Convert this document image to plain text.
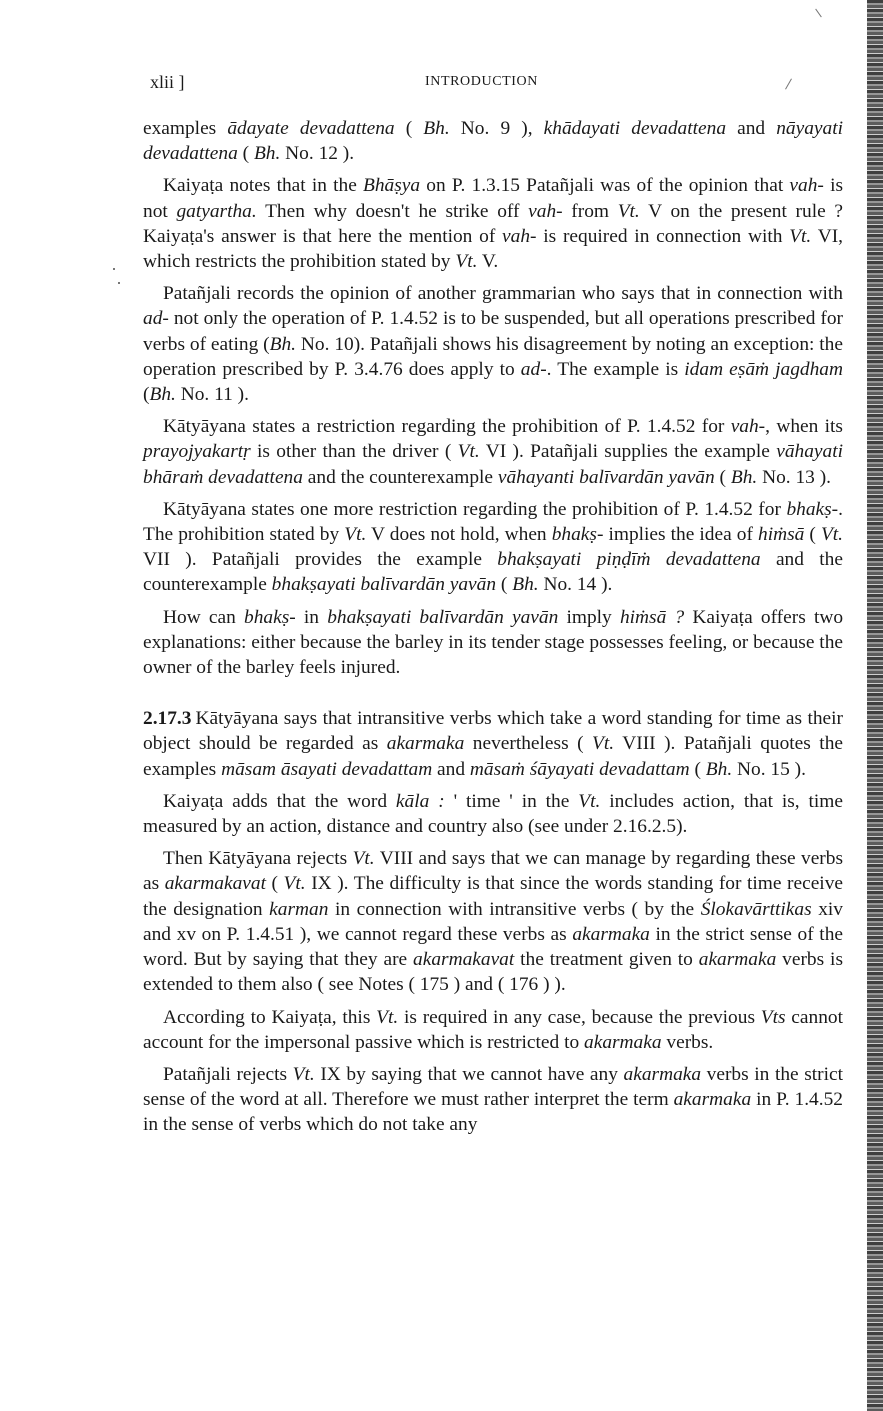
xlii ]	INTRODUCTION

examples ādayate devadattena ( Bh. No. 9 ), khādayati devadattena and nāyayati devadattena ( Bh. No. 12 ).

Kaiyaṭa notes that in the Bhāṣya on P. 1.3.15 Patañjali was of the opinion that vah- is not gatyartha. Then why doesn't he strike off vah- from Vt. V on the present rule ? Kaiyaṭa's answer is that here the mention of vah- is required in connection with Vt. VI, which restricts the prohibition stated by Vt. V.

Patañjali records the opinion of another grammarian who says that in connection with ad- not only the operation of P. 1.4.52 is to be suspended, but all operations prescribed for verbs of eating (Bh. No. 10). Patañjali shows his disagreement by noting an exception: the operation prescribed by P. 3.4.76 does apply to ad-. The example is idam eṣāṁ jagdham (Bh. No. 11 ).

Kātyāyana states a restriction regarding the prohibition of P. 1.4.52 for vah-, when its prayojyakartṛ is other than the driver ( Vt. VI ). Patañjali supplies the example vāhayati bhāraṁ devadattena and the counterexample vāhayanti balīvardān yavān ( Bh. No. 13 ).

Kātyāyana states one more restriction regarding the prohibition of P. 1.4.52 for bhakṣ-. The prohibition stated by Vt. V does not hold, when bhakṣ- implies the idea of hiṁsā ( Vt. VII ). Patañjali provides the example bhakṣayati piṇḍīṁ devadattena and the counterexample bhakṣayati balīvardān yavān ( Bh. No. 14 ).

How can bhakṣ- in bhakṣayati balīvardān yavān imply hiṁsā ? Kaiyaṭa offers two explanations: either because the barley in its tender stage possesses feeling, or because the owner of the barley feels injured.

2.17.3 Kātyāyana says that intransitive verbs which take a word standing for time as their object should be regarded as akarmaka nevertheless ( Vt. VIII ). Patañjali quotes the examples māsam āsayati devadattam and māsaṁ śāyayati devadattam ( Bh. No. 15 ).

Kaiyaṭa adds that the word kāla : ' time ' in the Vt. includes action, that is, time measured by an action, distance and country also (see under 2.16.2.5).

Then Kātyāyana rejects Vt. VIII and says that we can manage by regarding these verbs as akarmakavat ( Vt. IX ). The difficulty is that since the words standing for time receive the designation karman in connection with intransitive verbs ( by the Ślokavārttikas xiv and xv on P. 1.4.51 ), we cannot regard these verbs as akarmaka in the strict sense of the word. But by saying that they are akarmakavat the treatment given to akarmaka verbs is extended to them also ( see Notes ( 175 ) and ( 176 ) ).

According to Kaiyaṭa, this Vt. is required in any case, because the previous Vts cannot account for the impersonal passive which is restricted to akarmaka verbs.

Patañjali rejects Vt. IX by saying that we cannot have any akarmaka verbs in the strict sense of the word at all. Therefore we must rather interpret the term akarmaka in P. 1.4.52 in the sense of verbs which do not take any
